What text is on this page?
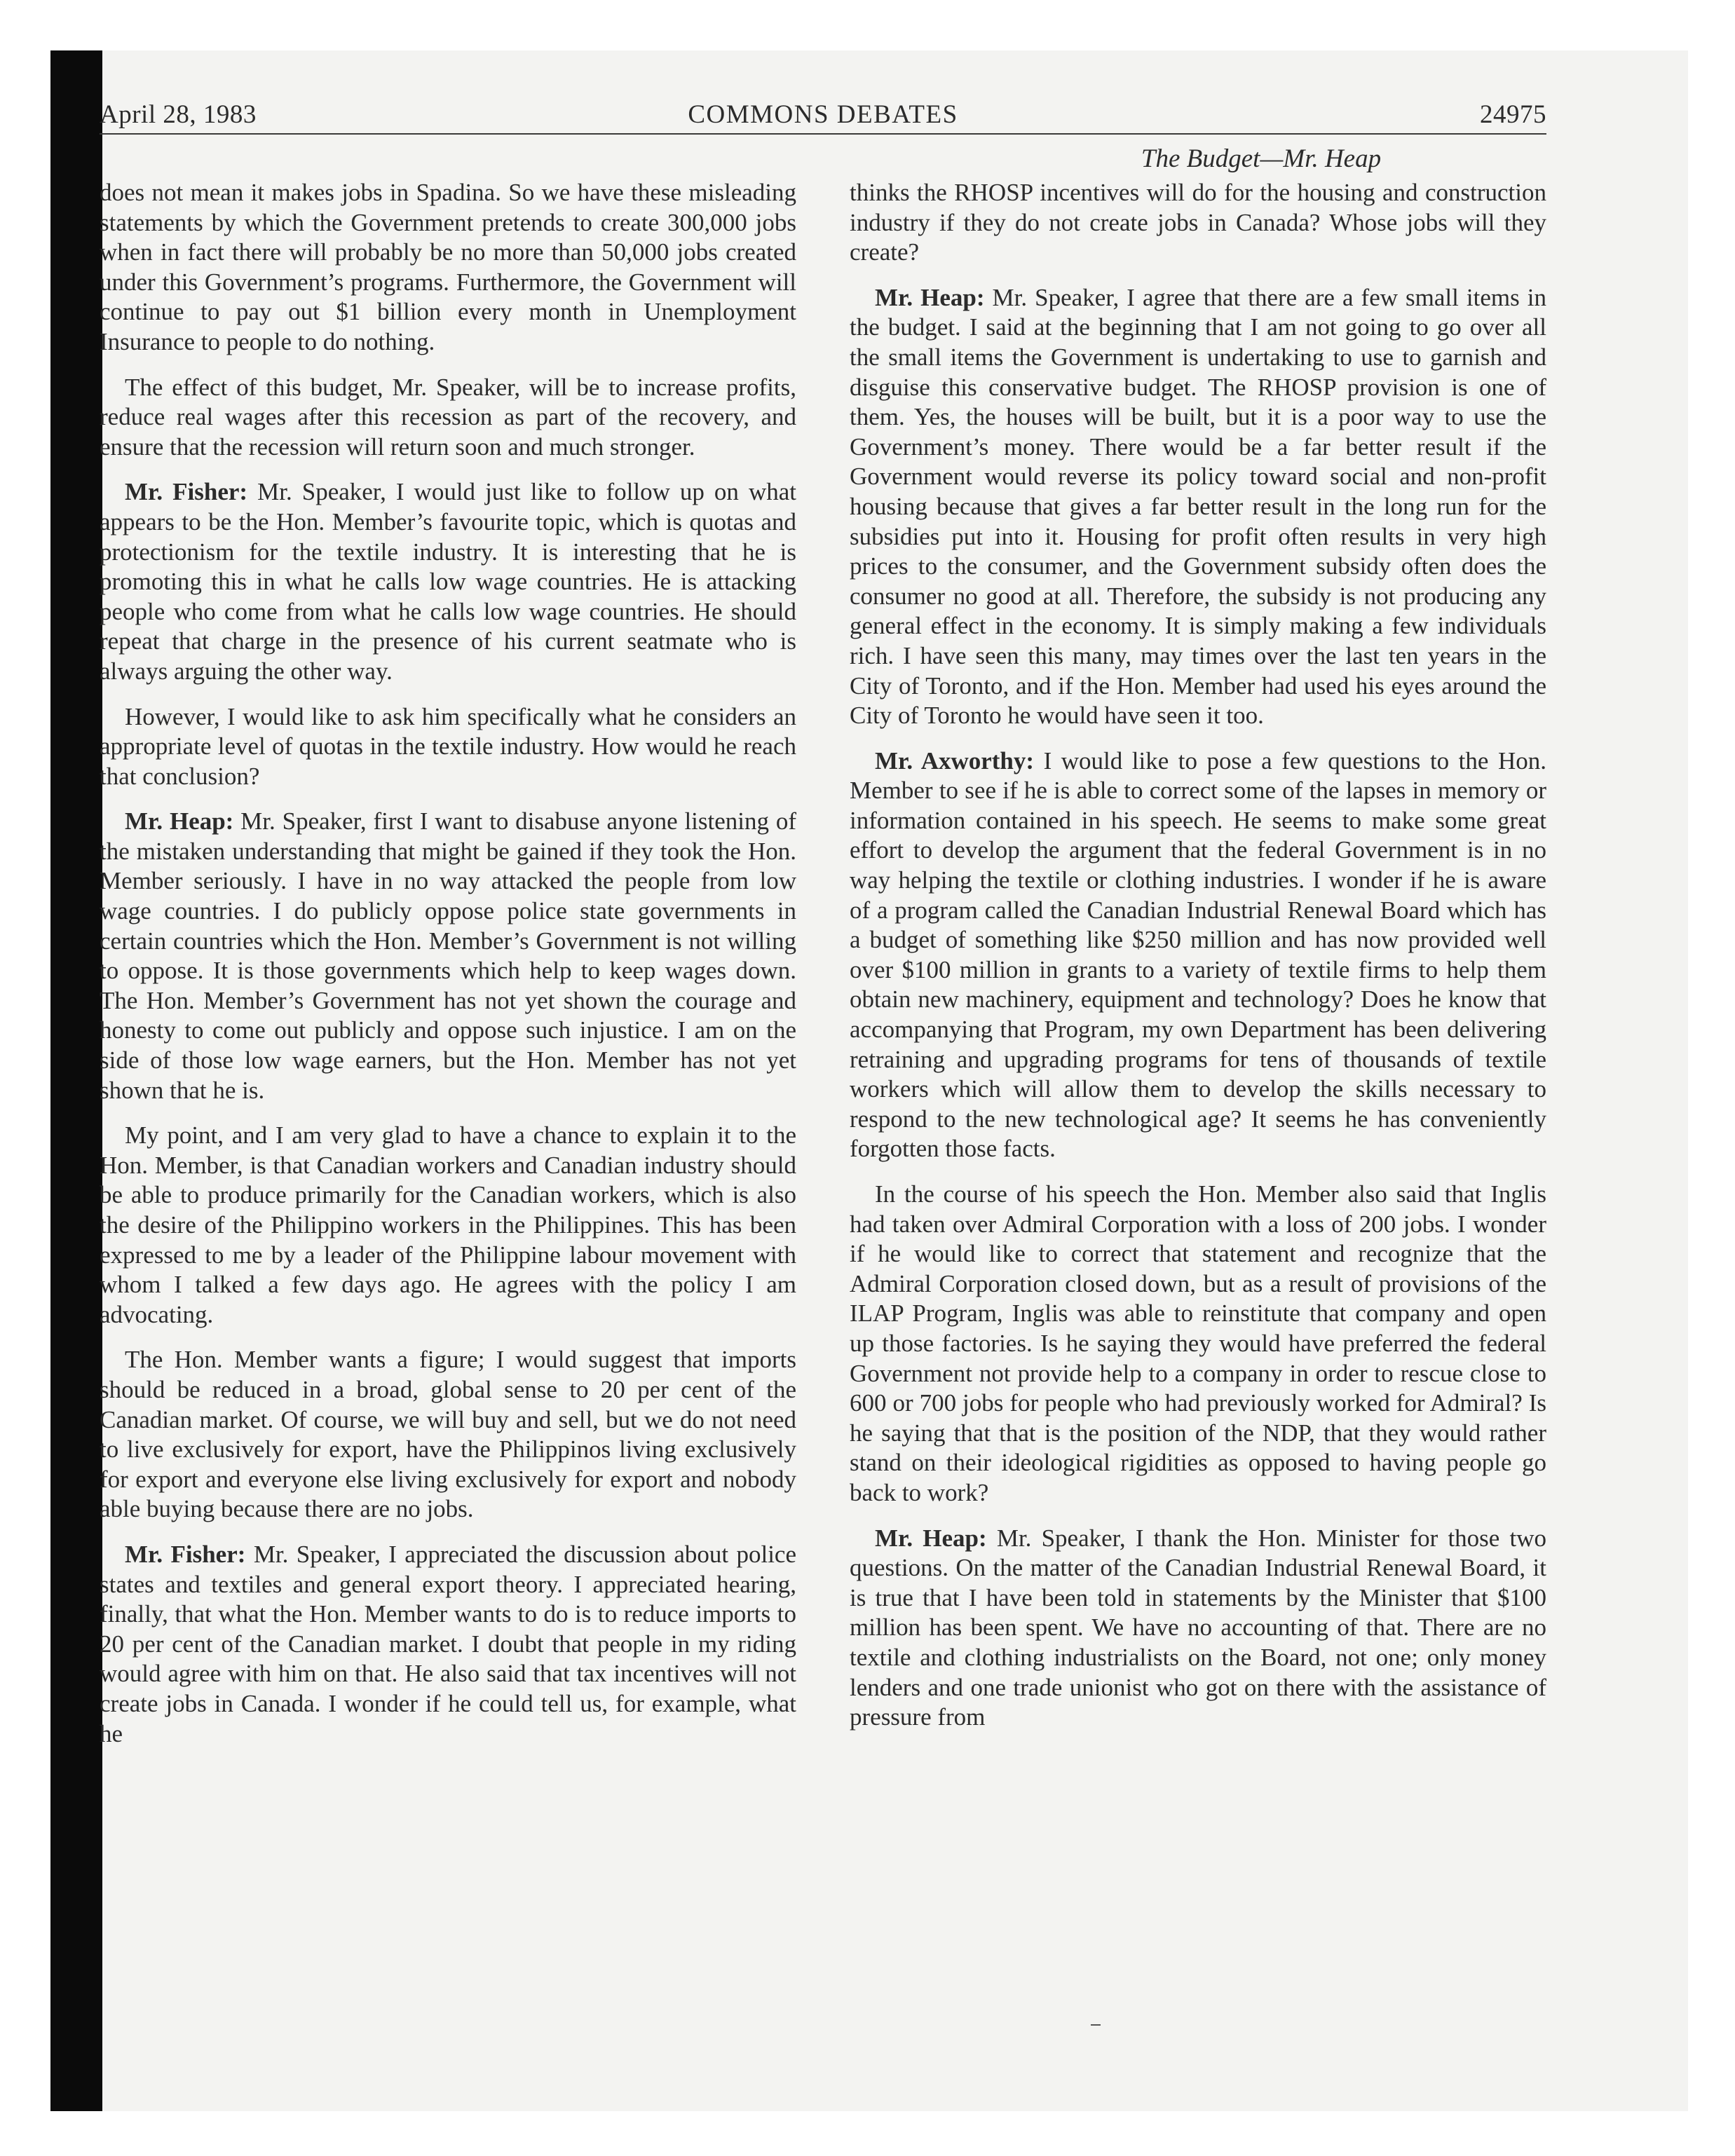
April 28, 1983	COMMONS DEBATES	24975
The Budget—Mr. Heap

does not mean it makes jobs in Spadina. So we have these misleading statements by which the Government pretends to create 300,000 jobs when in fact there will probably be no more than 50,000 jobs created under this Government’s programs. Furthermore, the Government will continue to pay out $1 billion every month in Unemployment Insurance to people to do nothing.

The effect of this budget, Mr. Speaker, will be to increase profits, reduce real wages after this recession as part of the recovery, and ensure that the recession will return soon and much stronger.

Mr. Fisher: Mr. Speaker, I would just like to follow up on what appears to be the Hon. Member’s favourite topic, which is quotas and protectionism for the textile industry. It is interesting that he is promoting this in what he calls low wage countries. He is attacking people who come from what he calls low wage countries. He should repeat that charge in the presence of his current seatmate who is always arguing the other way.

However, I would like to ask him specifically what he considers an appropriate level of quotas in the textile industry. How would he reach that conclusion?

Mr. Heap: Mr. Speaker, first I want to disabuse anyone listening of the mistaken understanding that might be gained if they took the Hon. Member seriously. I have in no way attacked the people from low wage countries. I do publicly oppose police state governments in certain countries which the Hon. Member’s Government is not willing to oppose. It is those governments which help to keep wages down. The Hon. Member’s Government has not yet shown the courage and honesty to come out publicly and oppose such injustice. I am on the side of those low wage earners, but the Hon. Member has not yet shown that he is.

My point, and I am very glad to have a chance to explain it to the Hon. Member, is that Canadian workers and Canadian industry should be able to produce primarily for the Canadian workers, which is also the desire of the Philippino workers in the Philippines. This has been expressed to me by a leader of the Philippine labour movement with whom I talked a few days ago. He agrees with the policy I am advocating.

The Hon. Member wants a figure; I would suggest that imports should be reduced in a broad, global sense to 20 per cent of the Canadian market. Of course, we will buy and sell, but we do not need to live exclusively for export, have the Philippinos living exclusively for export and everyone else living exclusively for export and nobody able buying because there are no jobs.

Mr. Fisher: Mr. Speaker, I appreciated the discussion about police states and textiles and general export theory. I appreciated hearing, finally, that what the Hon. Member wants to do is to reduce imports to 20 per cent of the Canadian market. I doubt that people in my riding would agree with him on that. He also said that tax incentives will not create jobs in Canada. I wonder if he could tell us, for example, what he

thinks the RHOSP incentives will do for the housing and construction industry if they do not create jobs in Canada? Whose jobs will they create?

Mr. Heap: Mr. Speaker, I agree that there are a few small items in the budget. I said at the beginning that I am not going to go over all the small items the Government is undertaking to use to garnish and disguise this conservative budget. The RHOSP provision is one of them. Yes, the houses will be built, but it is a poor way to use the Government’s money. There would be a far better result if the Government would reverse its policy toward social and non-profit housing because that gives a far better result in the long run for the subsidies put into it. Housing for profit often results in very high prices to the consumer, and the Government subsidy often does the consumer no good at all. Therefore, the subsidy is not producing any general effect in the economy. It is simply making a few individuals rich. I have seen this many, may times over the last ten years in the City of Toronto, and if the Hon. Member had used his eyes around the City of Toronto he would have seen it too.

Mr. Axworthy: I would like to pose a few questions to the Hon. Member to see if he is able to correct some of the lapses in memory or information contained in his speech. He seems to make some great effort to develop the argument that the federal Government is in no way helping the textile or clothing industries. I wonder if he is aware of a program called the Canadian Industrial Renewal Board which has a budget of something like $250 million and has now provided well over $100 million in grants to a variety of textile firms to help them obtain new machinery, equipment and technology? Does he know that accompanying that Program, my own Department has been delivering retraining and upgrading programs for tens of thousands of textile workers which will allow them to develop the skills necessary to respond to the new technological age? It seems he has conveniently forgotten those facts.

In the course of his speech the Hon. Member also said that Inglis had taken over Admiral Corporation with a loss of 200 jobs. I wonder if he would like to correct that statement and recognize that the Admiral Corporation closed down, but as a result of provisions of the ILAP Program, Inglis was able to reinstitute that company and open up those factories. Is he saying they would have preferred the federal Government not provide help to a company in order to rescue close to 600 or 700 jobs for people who had previously worked for Admiral? Is he saying that that is the position of the NDP, that they would rather stand on their ideological rigidities as opposed to having people go back to work?

Mr. Heap: Mr. Speaker, I thank the Hon. Minister for those two questions. On the matter of the Canadian Industrial Renewal Board, it is true that I have been told in statements by the Minister that $100 million has been spent. We have no accounting of that. There are no textile and clothing industrialists on the Board, not one; only money lenders and one trade unionist who got on there with the assistance of pressure from
